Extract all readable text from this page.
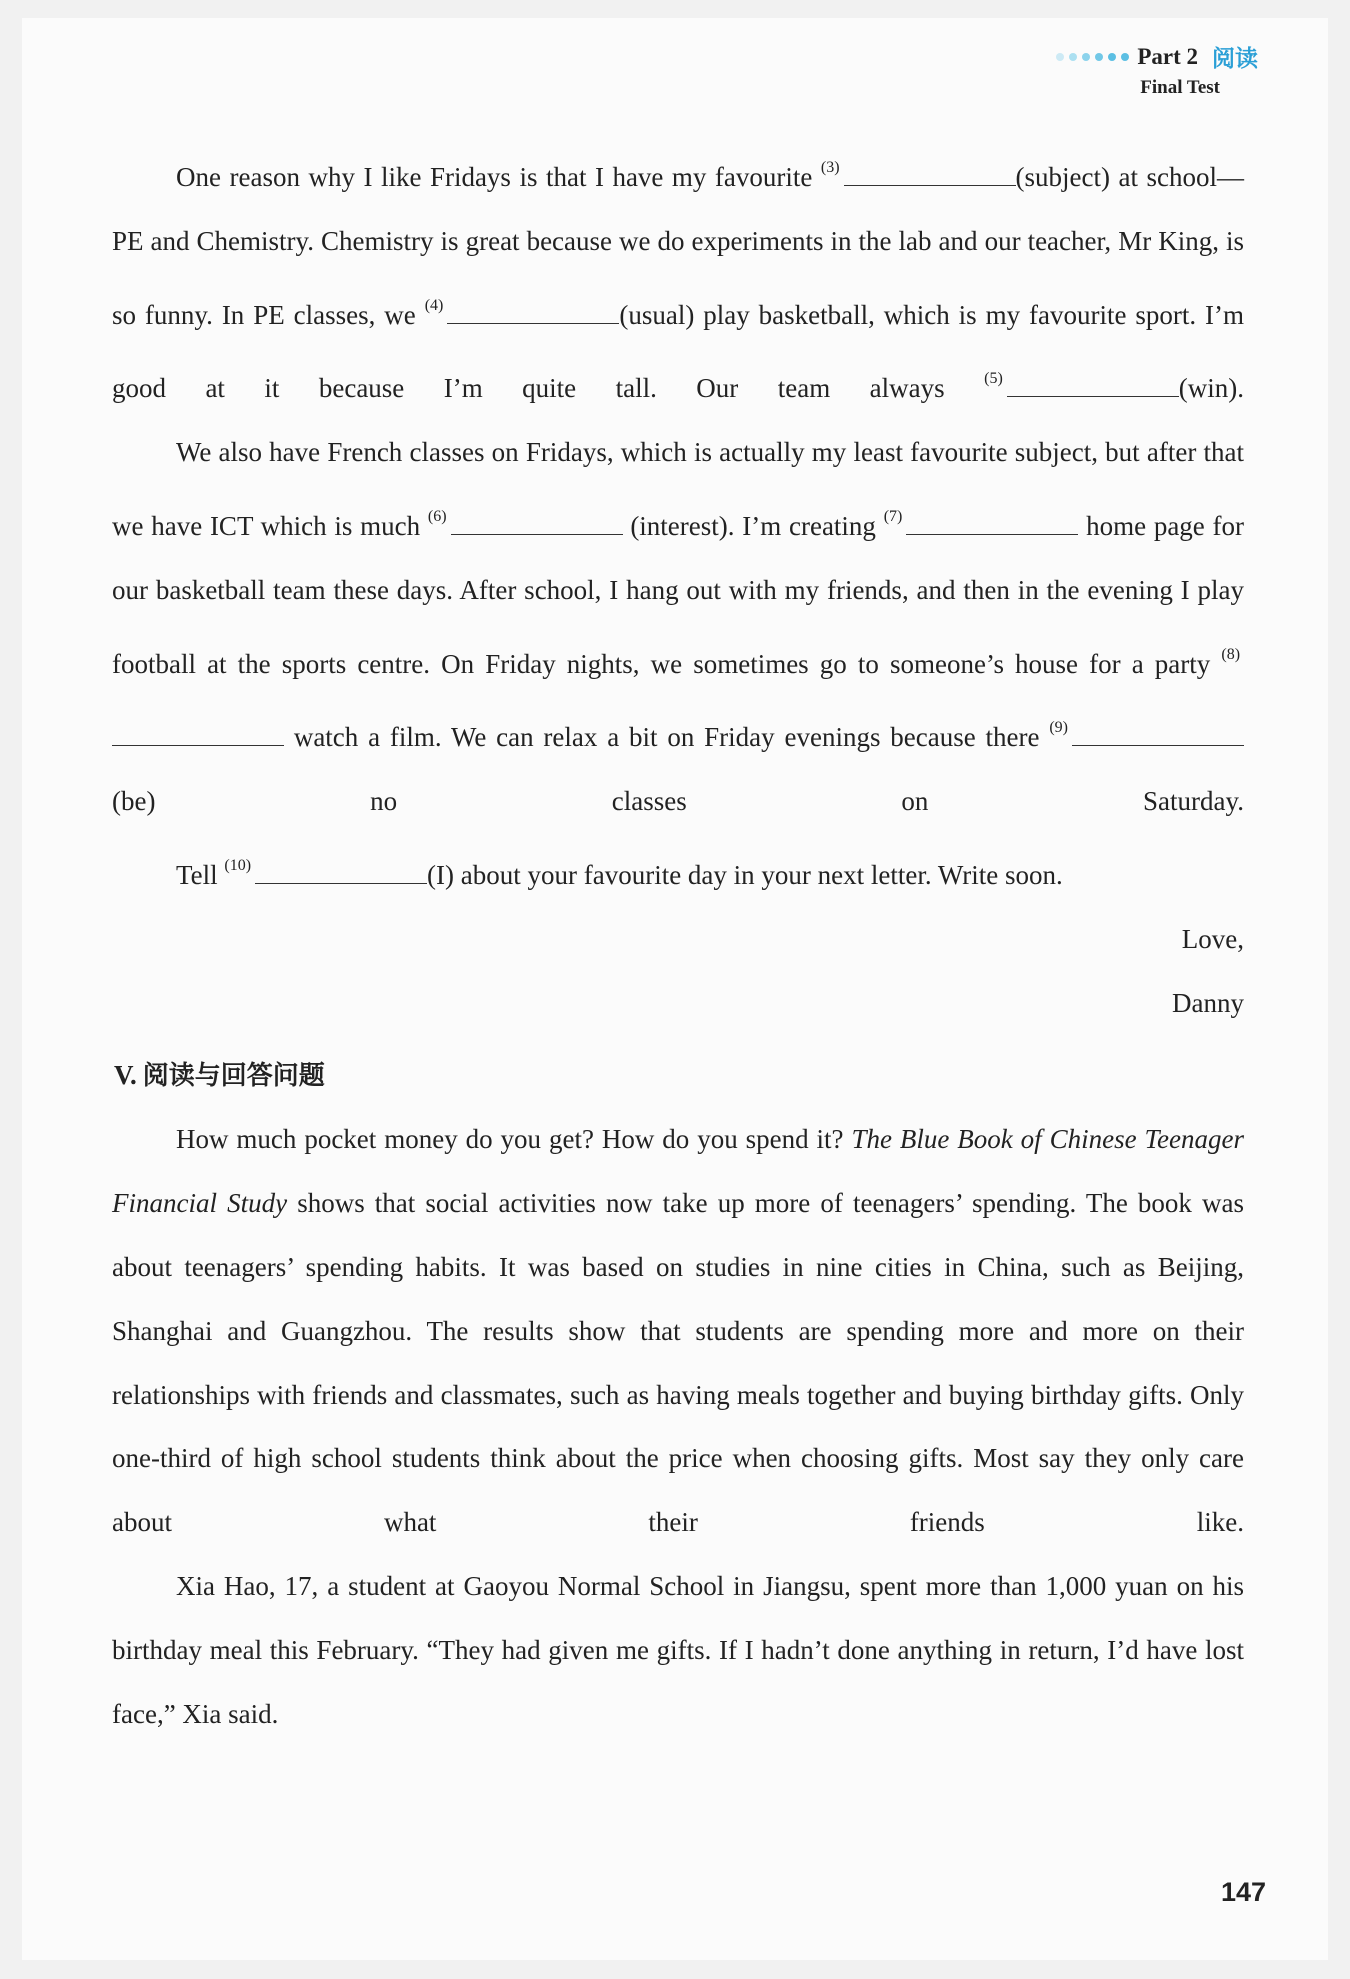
Part 2 阅读
Final Test

One reason why I like Fridays is that I have my favourite $^{(3)}$	(subject) at school—PE and Chemistry. Chemistry is great because we do experiments in the lab and our teacher, Mr King, is so funny. In PE classes, we $^{(4)}$	(usual) play basketball, which is my favourite sport. I’m good at it because I’m quite tall. Our team always $^{(5)}$	(win).

We also have French classes on Fridays, which is actually my least favourite subject, but after that we have ICT which is much $^{(6)}$	(interest). I’m creating $^{(7)}$	home page for our basketball team these days. After school, I hang out with my friends, and then in the evening I play football at the sports centre. On Friday nights, we sometimes go to someone’s house for a party $^{(8)}$ watch a film. We can relax a bit on Friday evenings because there $^{(9)}$(be)	no classes on Saturday.

Tell $^{(10)}$	(I) about your favourite day in your next letter. Write soon.

Love,

Danny

V. 阅读与回答问题

How much pocket money do you get? How do you spend it? The Blue Book of Chinese Teenager Financial Study shows that social activities now take up more of teenagers’ spending. The book was about teenagers’ spending habits. It was based on studies in nine cities in China, such as Beijing, Shanghai and Guangzhou. The results show that students are spending more and more on their relationships with friends and classmates, such as having meals together and buying birthday gifts. Only one-third of high school students think about the price when choosing gifts. Most say they only care about what their friends like.

Xia Hao, 17, a student at Gaoyou Normal School in Jiangsu, spent more than 1,000 yuan on his birthday meal this February. “They had given me gifts. If I hadn’t done anything in return, I’d have lost face,” Xia said.

147
